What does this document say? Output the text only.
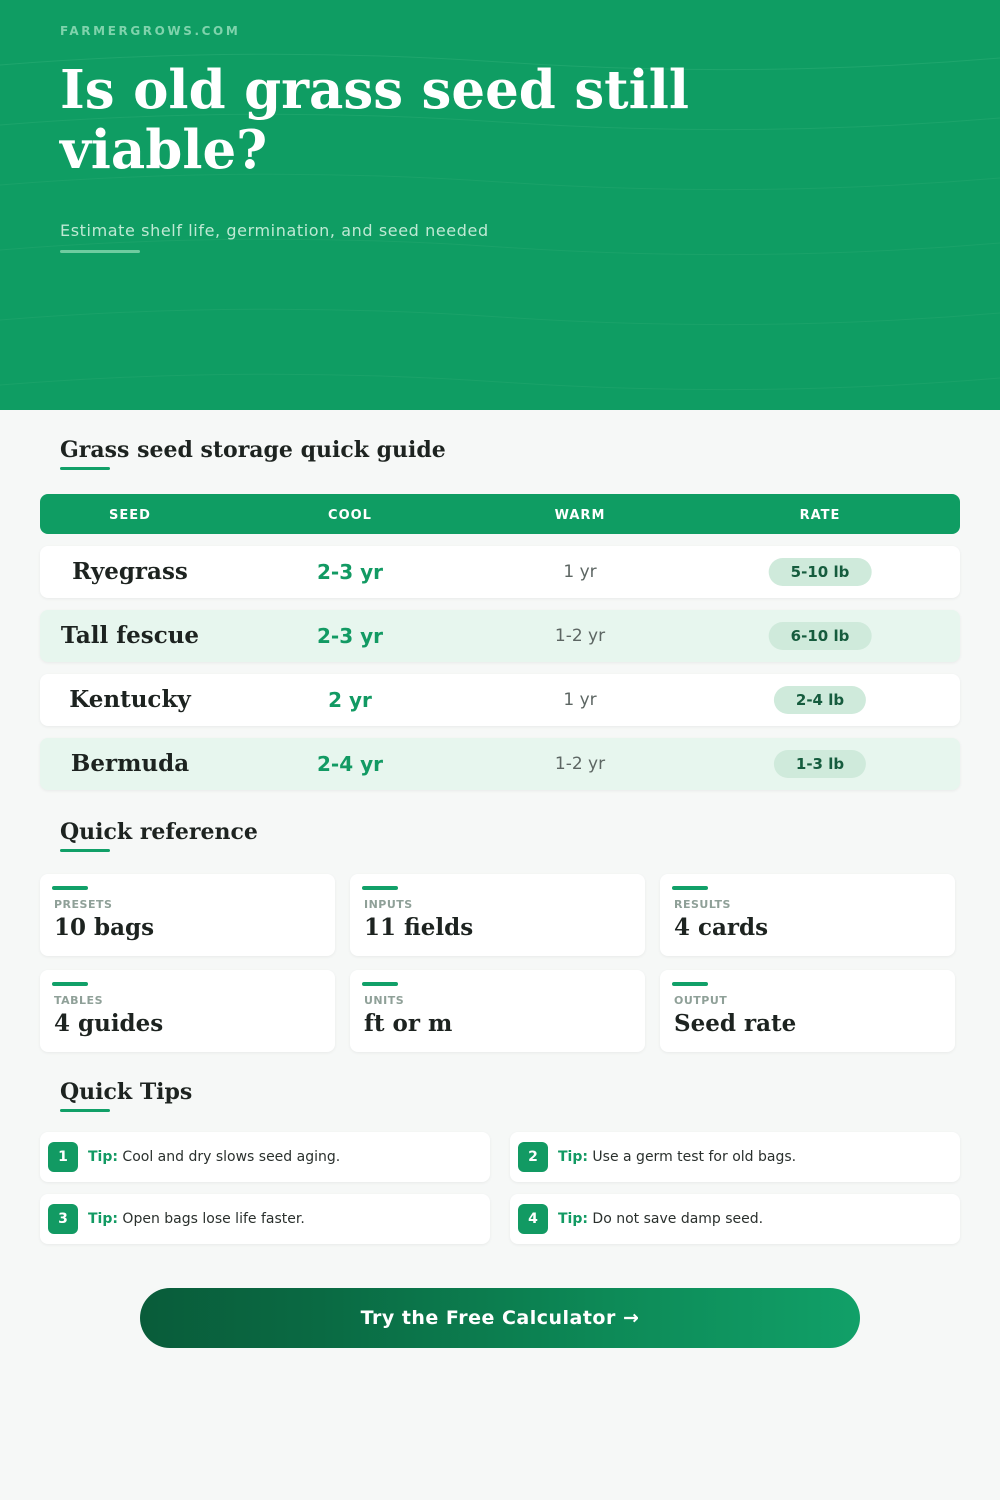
FARMERGROWS.COM
Is old grass seed still viable?
Estimate shelf life, germination, and seed needed
Grass seed storage quick guide
SEED	COOL	WARM	RATE
Ryegrass	2-3 yr	1 yr	5-10 lb
Tall fescue	2-3 yr	1-2 yr	6-10 lb
Kentucky	2 yr	1 yr	2-4 lb
Bermuda	2-4 yr	1-2 yr	1-3 lb
Quick reference
PRESETS
10 bags
INPUTS
11 fields
RESULTS
4 cards
TABLES
4 guides
UNITS
ft or m
OUTPUT
Seed rate
Quick Tips
1	Tip: Cool and dry slows seed aging.	2	Tip: Use a germ test for old bags.
3	Tip: Open bags lose life faster.	4	Tip: Do not save damp seed.
Try the Free Calculator →
